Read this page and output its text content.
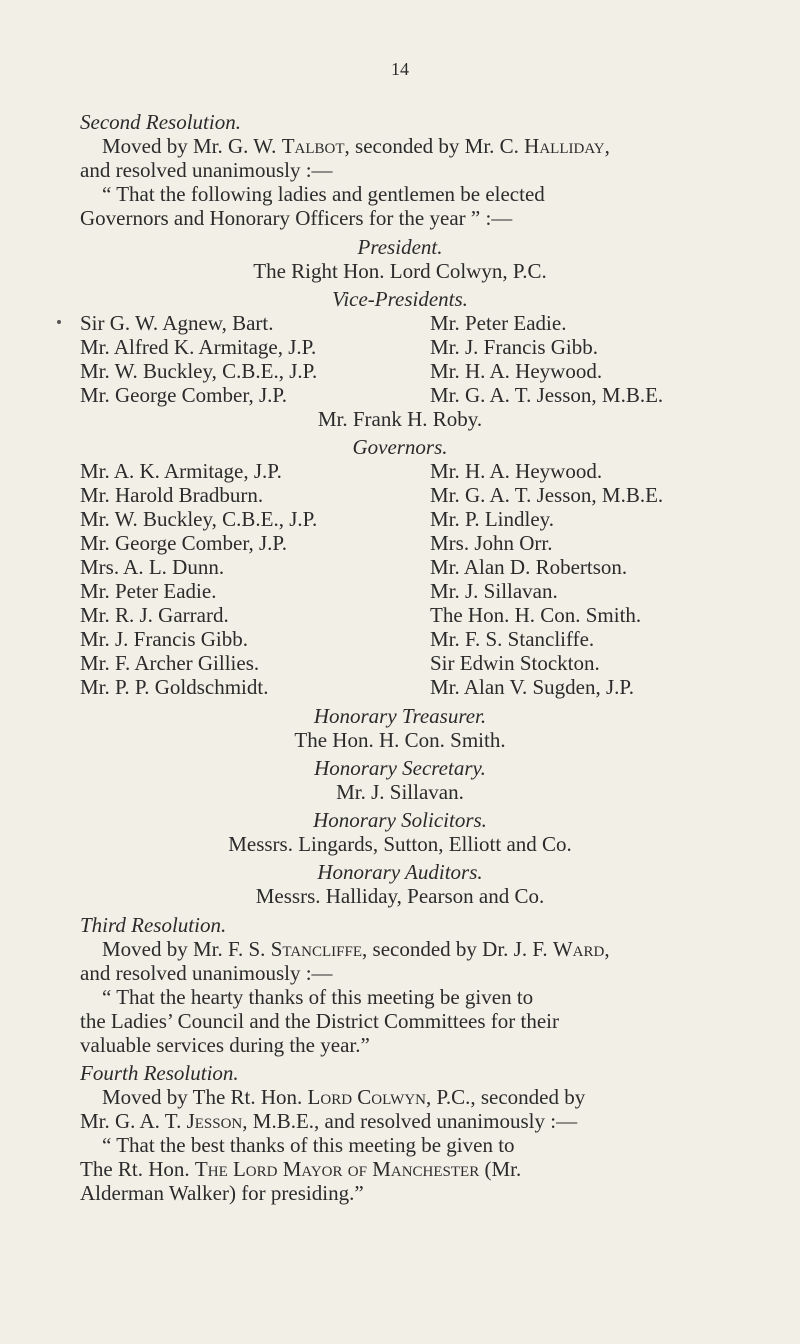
14
Second Resolution.
Moved by Mr. G. W. Talbot, seconded by Mr. C. Halliday,
and resolved unanimously :—
“ That the following ladies and gentlemen be elected
Governors and Honorary Officers for the year ” :—
President.
The Right Hon. Lord Colwyn, P.C.
Vice-Presidents.
Sir G. W. Agnew, Bart.
Mr. Alfred K. Armitage, J.P.
Mr. W. Buckley, C.B.E., J.P.
Mr. George Comber, J.P.
Mr. Peter Eadie.
Mr. J. Francis Gibb.
Mr. H. A. Heywood.
Mr. G. A. T. Jesson, M.B.E.
Mr. Frank H. Roby.
Governors.
Mr. A. K. Armitage, J.P.
Mr. Harold Bradburn.
Mr. W. Buckley, C.B.E., J.P.
Mr. George Comber, J.P.
Mrs. A. L. Dunn.
Mr. Peter Eadie.
Mr. R. J. Garrard.
Mr. J. Francis Gibb.
Mr. F. Archer Gillies.
Mr. P. P. Goldschmidt.
Mr. H. A. Heywood.
Mr. G. A. T. Jesson, M.B.E.
Mr. P. Lindley.
Mrs. John Orr.
Mr. Alan D. Robertson.
Mr. J. Sillavan.
The Hon. H. Con. Smith.
Mr. F. S. Stancliffe.
Sir Edwin Stockton.
Mr. Alan V. Sugden, J.P.
Honorary Treasurer.
The Hon. H. Con. Smith.
Honorary Secretary.
Mr. J. Sillavan.
Honorary Solicitors.
Messrs. Lingards, Sutton, Elliott and Co.
Honorary Auditors.
Messrs. Halliday, Pearson and Co.
Third Resolution.
Moved by Mr. F. S. Stancliffe, seconded by Dr. J. F. Ward,
and resolved unanimously :—
“ That the hearty thanks of this meeting be given to
the Ladies’ Council and the District Committees for their
valuable services during the year.”
Fourth Resolution.
Moved by The Rt. Hon. Lord Colwyn, P.C., seconded by
Mr. G. A. T. Jesson, M.B.E., and resolved unanimously :—
“ That the best thanks of this meeting be given to
The Rt. Hon. The Lord Mayor of Manchester (Mr.
Alderman Walker) for presiding.”
